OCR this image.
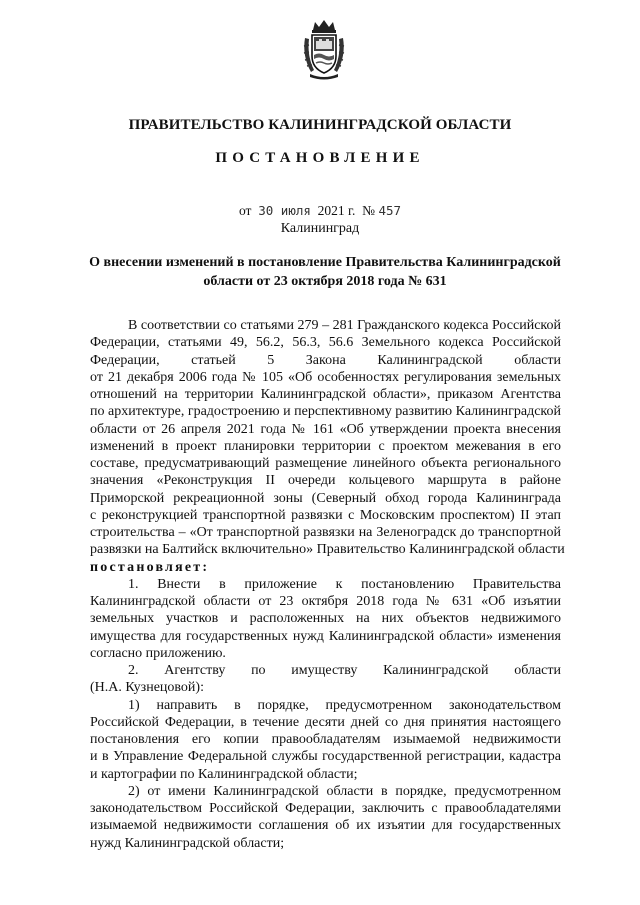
ПРАВИТЕЛЬСТВО КАЛИНИНГРАДСКОЙ ОБЛАСТИ
ПОСТАНОВЛЕНИЕ
от 30 июля 2021 г. № 457
Калининград
О внесении изменений в постановление Правительства Калининградской
области от 23 октября 2018 года № 631
В соответствии со статьями 279 – 281 Гражданского кодекса Российской
Федерации, статьями 49, 56.2, 56.3, 56.6 Земельного кодекса Российской
Федерации, статьей 5 Закона Калининградской области
от 21 декабря 2006 года № 105 «Об особенностях регулирования земельных
отношений на территории Калининградской области», приказом Агентства
по архитектуре, градостроению и перспективному развитию Калининградской
области от 26 апреля 2021 года № 161 «Об утверждении проекта внесения
изменений в проект планировки территории с проектом межевания в его
составе, предусматривающий размещение линейного объекта регионального
значения «Реконструкция II очереди кольцевого маршрута в районе
Приморской рекреационной зоны (Северный обход города Калининграда
с реконструкцией транспортной развязки с Московским проспектом) II этап
строительства – «От транспортной развязки на Зеленоградск до транспортной
развязки на Балтийск включительно» Правительство Калининградской области
постановляет:
1. Внести в приложение к постановлению Правительства
Калининградской области от 23 октября 2018 года № 631 «Об изъятии
земельных участков и расположенных на них объектов недвижимого
имущества для государственных нужд Калининградской области» изменения
согласно приложению.
2. Агентству по имуществу Калининградской области
(Н.А. Кузнецовой):
1) направить в порядке, предусмотренном законодательством
Российской Федерации, в течение десяти дней со дня принятия настоящего
постановления его копии правообладателям изымаемой недвижимости
и в Управление Федеральной службы государственной регистрации, кадастра
и картографии по Калининградской области;
2) от имени Калининградской области в порядке, предусмотренном
законодательством Российской Федерации, заключить с правообладателями
изымаемой недвижимости соглашения об их изъятии для государственных
нужд Калининградской области;
